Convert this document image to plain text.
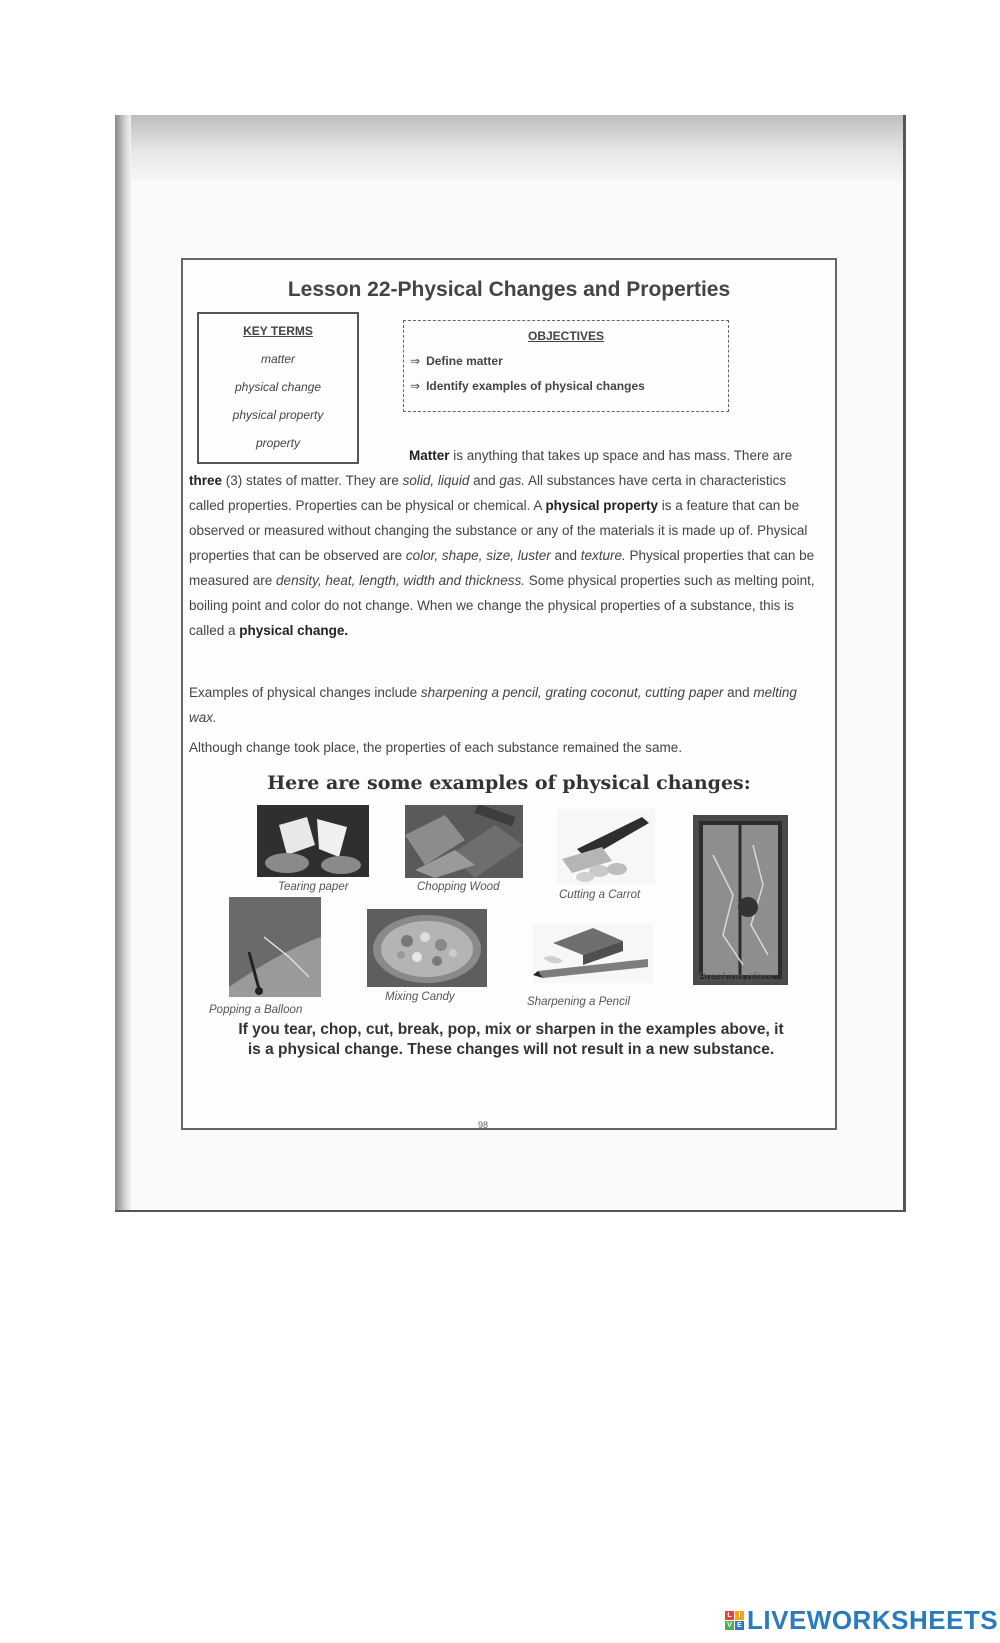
Lesson 22-Physical Changes and Properties
KEY TERMS
matter
physical change
physical property
property
OBJECTIVES
⇒ Define matter
⇒ Identify examples of physical changes
Matter is anything that takes up space and has mass. There are three (3) states of matter. They are solid, liquid and gas. All substances have certa in characteristics called properties. Properties can be physical or chemical. A physical property is a feature that can be observed or measured without changing the substance or any of the materials it is made up of. Physical properties that can be observed are color, shape, size, luster and texture. Physical properties that can be measured are density, heat, length, width and thickness. Some physical properties such as melting point, boiling point and color do not change. When we change the physical properties of a substance, this is called a physical change.
Examples of physical changes include sharpening a pencil, grating coconut, cutting paper and melting wax.
Although change took place, the properties of each substance remained the same.
Here are some examples of physical changes:
Tearing paper	Chopping Wood
Cutting a Carrot
Breaking glass
Popping a Balloon
Mixing Candy	Sharpening a Pencil
If you tear, chop, cut, break, pop, mix or sharpen in the examples above, it is a physical change. These changes will not result in a new substance.
98
L I
V E LIVEWORKSHEETS
